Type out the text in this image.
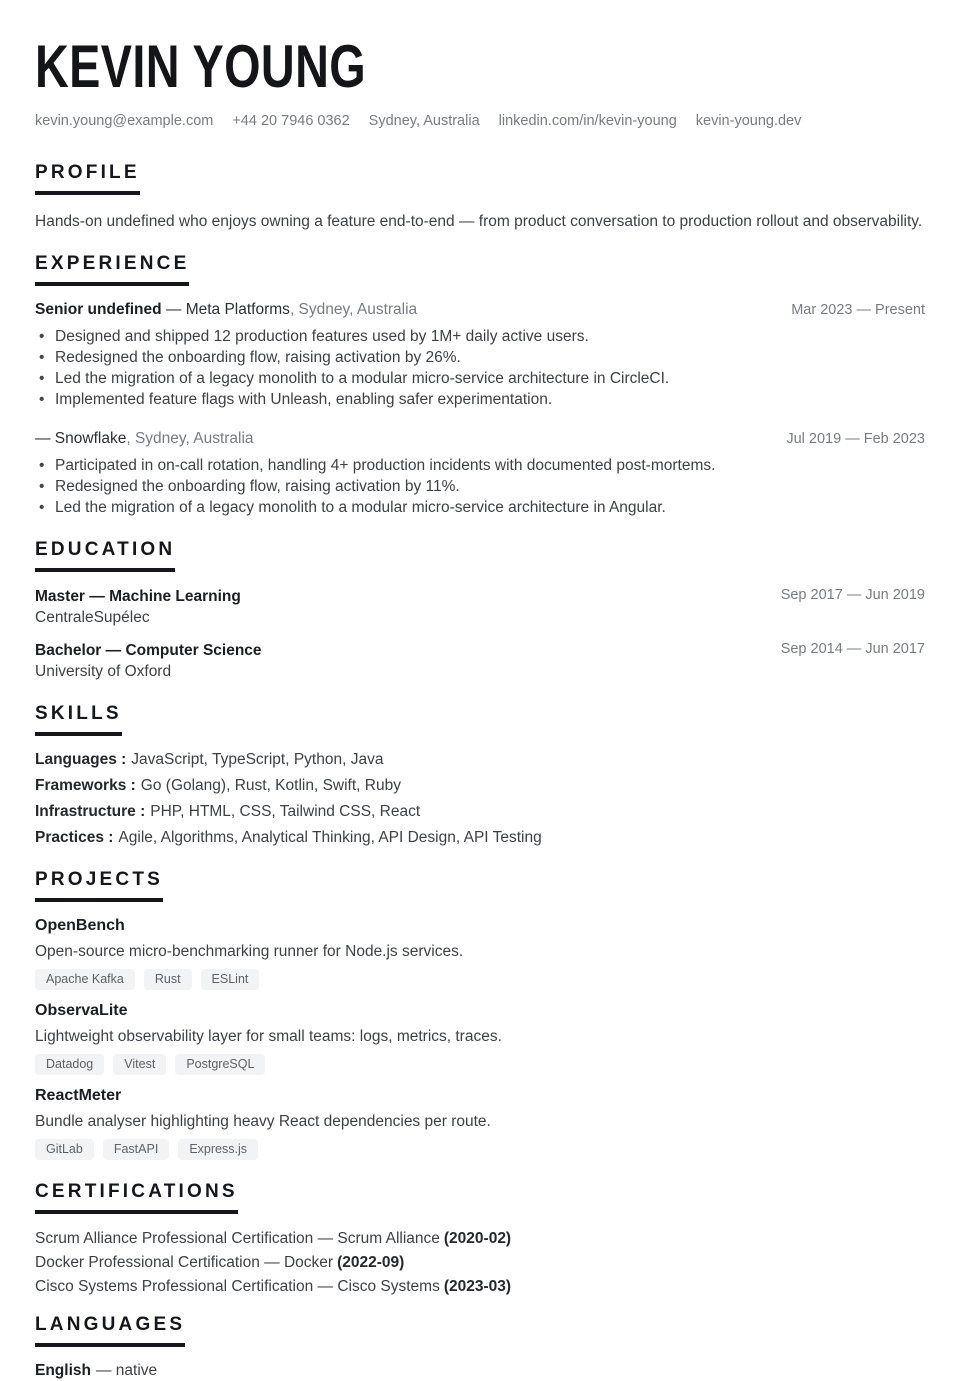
KEVIN YOUNG
kevin.young@example.com +44 20 7946 0362 Sydney, Australia linkedin.com/in/kevin-young kevin-young.dev
PROFILE

Hands-on undefined who enjoys owning a feature end-to-end — from product conversation to production rollout and observability.

EXPERIENCE
Senior undefined — Meta Platforms, Sydney, Australia	Mar 2023 — Present
• Designed and shipped 12 production features used by 1M+ daily active users.
• Redesigned the onboarding flow, raising activation by 26%.
• Led the migration of a legacy monolith to a modular micro-service architecture in CircleCI.
• Implemented feature flags with Unleash, enabling safer experimentation.
— Snowflake, Sydney, Australia	Jul 2019 — Feb 2023
• Participated in on-call rotation, handling 4+ production incidents with documented post-mortems.
• Redesigned the onboarding flow, raising activation by 11%.
• Led the migration of a legacy monolith to a modular micro-service architecture in Angular.
EDUCATION
Master — Machine Learning
CentraleSupélec
Sep 2017 — Jun 2019
Bachelor — Computer Science
University of Oxford
Sep 2014 — Jun 2017
SKILLS
Languages : JavaScript, TypeScript, Python, Java
Frameworks : Go (Golang), Rust, Kotlin, Swift, Ruby
Infrastructure : PHP, HTML, CSS, Tailwind CSS, React
Practices : Agile, Algorithms, Analytical Thinking, API Design, API Testing
PROJECTS
OpenBench
Open-source micro-benchmarking runner for Node.js services.
Apache Kafka	Rust	ESLint
ObservaLite
Lightweight observability layer for small teams: logs, metrics, traces.
Datadog	Vitest	PostgreSQL
ReactMeter
Bundle analyser highlighting heavy React dependencies per route.
GitLab	FastAPI	Express.js
CERTIFICATIONS
Scrum Alliance Professional Certification — Scrum Alliance (2020-02)
Docker Professional Certification — Docker (2022-09)
Cisco Systems Professional Certification — Cisco Systems (2023-03)
LANGUAGES
English — native
